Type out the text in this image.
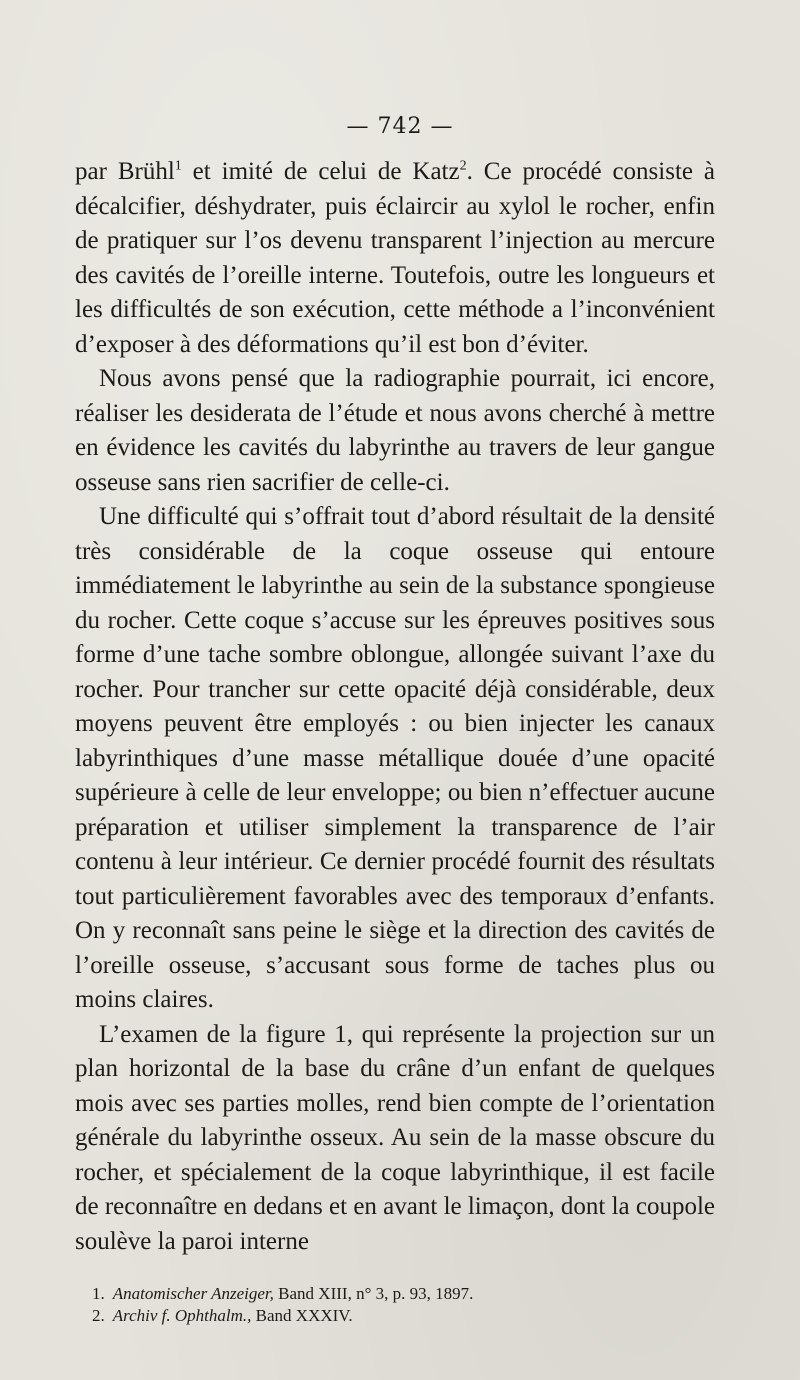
— 742 —

par Brühl$^1$ et imité de celui de Katz$^2$. Ce procédé consiste à décalcifier, déshydrater, puis éclaircir au xylol le rocher, enfin de pratiquer sur l’os devenu transparent l’injection au mercure des cavités de l’oreille interne. Toutefois, outre les longueurs et les difficultés de son exécution, cette méthode a l’inconvénient d’exposer à des déformations qu’il est bon d’éviter.

Nous avons pensé que la radiographie pourrait, ici encore, réaliser les desiderata de l’étude et nous avons cherché à mettre en évidence les cavités du labyrinthe au travers de leur gangue osseuse sans rien sacrifier de celle-ci.

Une difficulté qui s’offrait tout d’abord résultait de la densité très considérable de la coque osseuse qui entoure immédiatement le labyrinthe au sein de la substance spongieuse du rocher. Cette coque s’accuse sur les épreuves positives sous forme d’une tache sombre oblongue, allongée suivant l’axe du rocher. Pour trancher sur cette opacité déjà considérable, deux moyens peuvent être employés : ou bien injecter les canaux labyrinthiques d’une masse métallique douée d’une opacité supérieure à celle de leur enveloppe; ou bien n’effectuer aucune préparation et utiliser simplement la transparence de l’air contenu à leur intérieur. Ce dernier procédé fournit des résultats tout particulièrement favorables avec des temporaux d’enfants. On y reconnaît sans peine le siège et la direction des cavités de l’oreille osseuse, s’accusant sous forme de taches plus ou moins claires.

L’examen de la figure 1, qui représente la projection sur un plan horizontal de la base du crâne d’un enfant de quelques mois avec ses parties molles, rend bien compte de l’orientation générale du labyrinthe osseux. Au sein de la masse obscure du rocher, et spécialement de la coque labyrinthique, il est facile de reconnaître en dedans et en avant le limaçon, dont la coupole soulève la paroi interne

1. Anatomischer Anzeiger, Band XIII, n° 3, p. 93, 1897.

2. Archiv f. Ophthalm., Band XXXIV.
